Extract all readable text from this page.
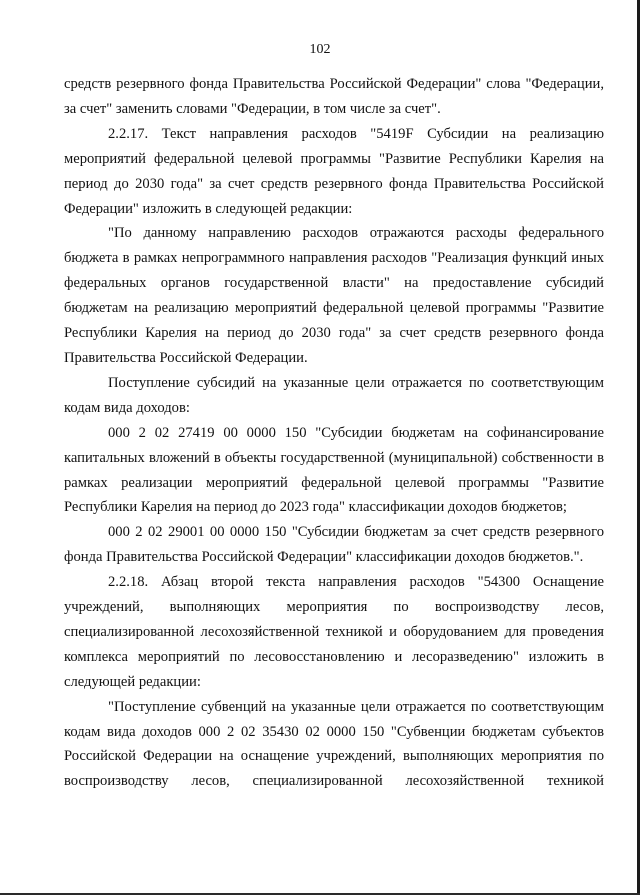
102

средств резервного фонда Правительства Российской Федерации" слова "Федерации, за счет" заменить словами "Федерации, в том числе за счет".

2.2.17. Текст направления расходов "5419F Субсидии на реализацию мероприятий федеральной целевой программы "Развитие Республики Карелия на период до 2030 года" за счет средств резервного фонда Правительства Российской Федерации" изложить в следующей редакции:

"По данному направлению расходов отражаются расходы федерального бюджета в рамках непрограммного направления расходов "Реализация функций иных федеральных органов государственной власти" на предоставление субсидий бюджетам на реализацию мероприятий федеральной целевой программы "Развитие Республики Карелия на период до 2030 года" за счет средств резервного фонда Правительства Российской Федерации.

Поступление субсидий на указанные цели отражается по соответствующим кодам вида доходов:

000 2 02 27419 00 0000 150 "Субсидии бюджетам на софинансирование капитальных вложений в объекты государственной (муниципальной) собственности в рамках реализации мероприятий федеральной целевой программы "Развитие Республики Карелия на период до 2023 года" классификации доходов бюджетов;

000 2 02 29001 00 0000 150 "Субсидии бюджетам за счет средств резервного фонда Правительства Российской Федерации" классификации доходов бюджетов.".

2.2.18. Абзац второй текста направления расходов "54300 Оснащение учреждений, выполняющих мероприятия по воспроизводству лесов, специализированной лесохозяйственной техникой и оборудованием для проведения комплекса мероприятий по лесовосстановлению и лесоразведению" изложить в следующей редакции:

"Поступление субвенций на указанные цели отражается по соответствующим кодам вида доходов 000 2 02 35430 02 0000 150 "Субвенции бюджетам субъектов Российской Федерации на оснащение учреждений, выполняющих мероприятия по воспроизводству лесов, специализированной лесохозяйственной техникой
